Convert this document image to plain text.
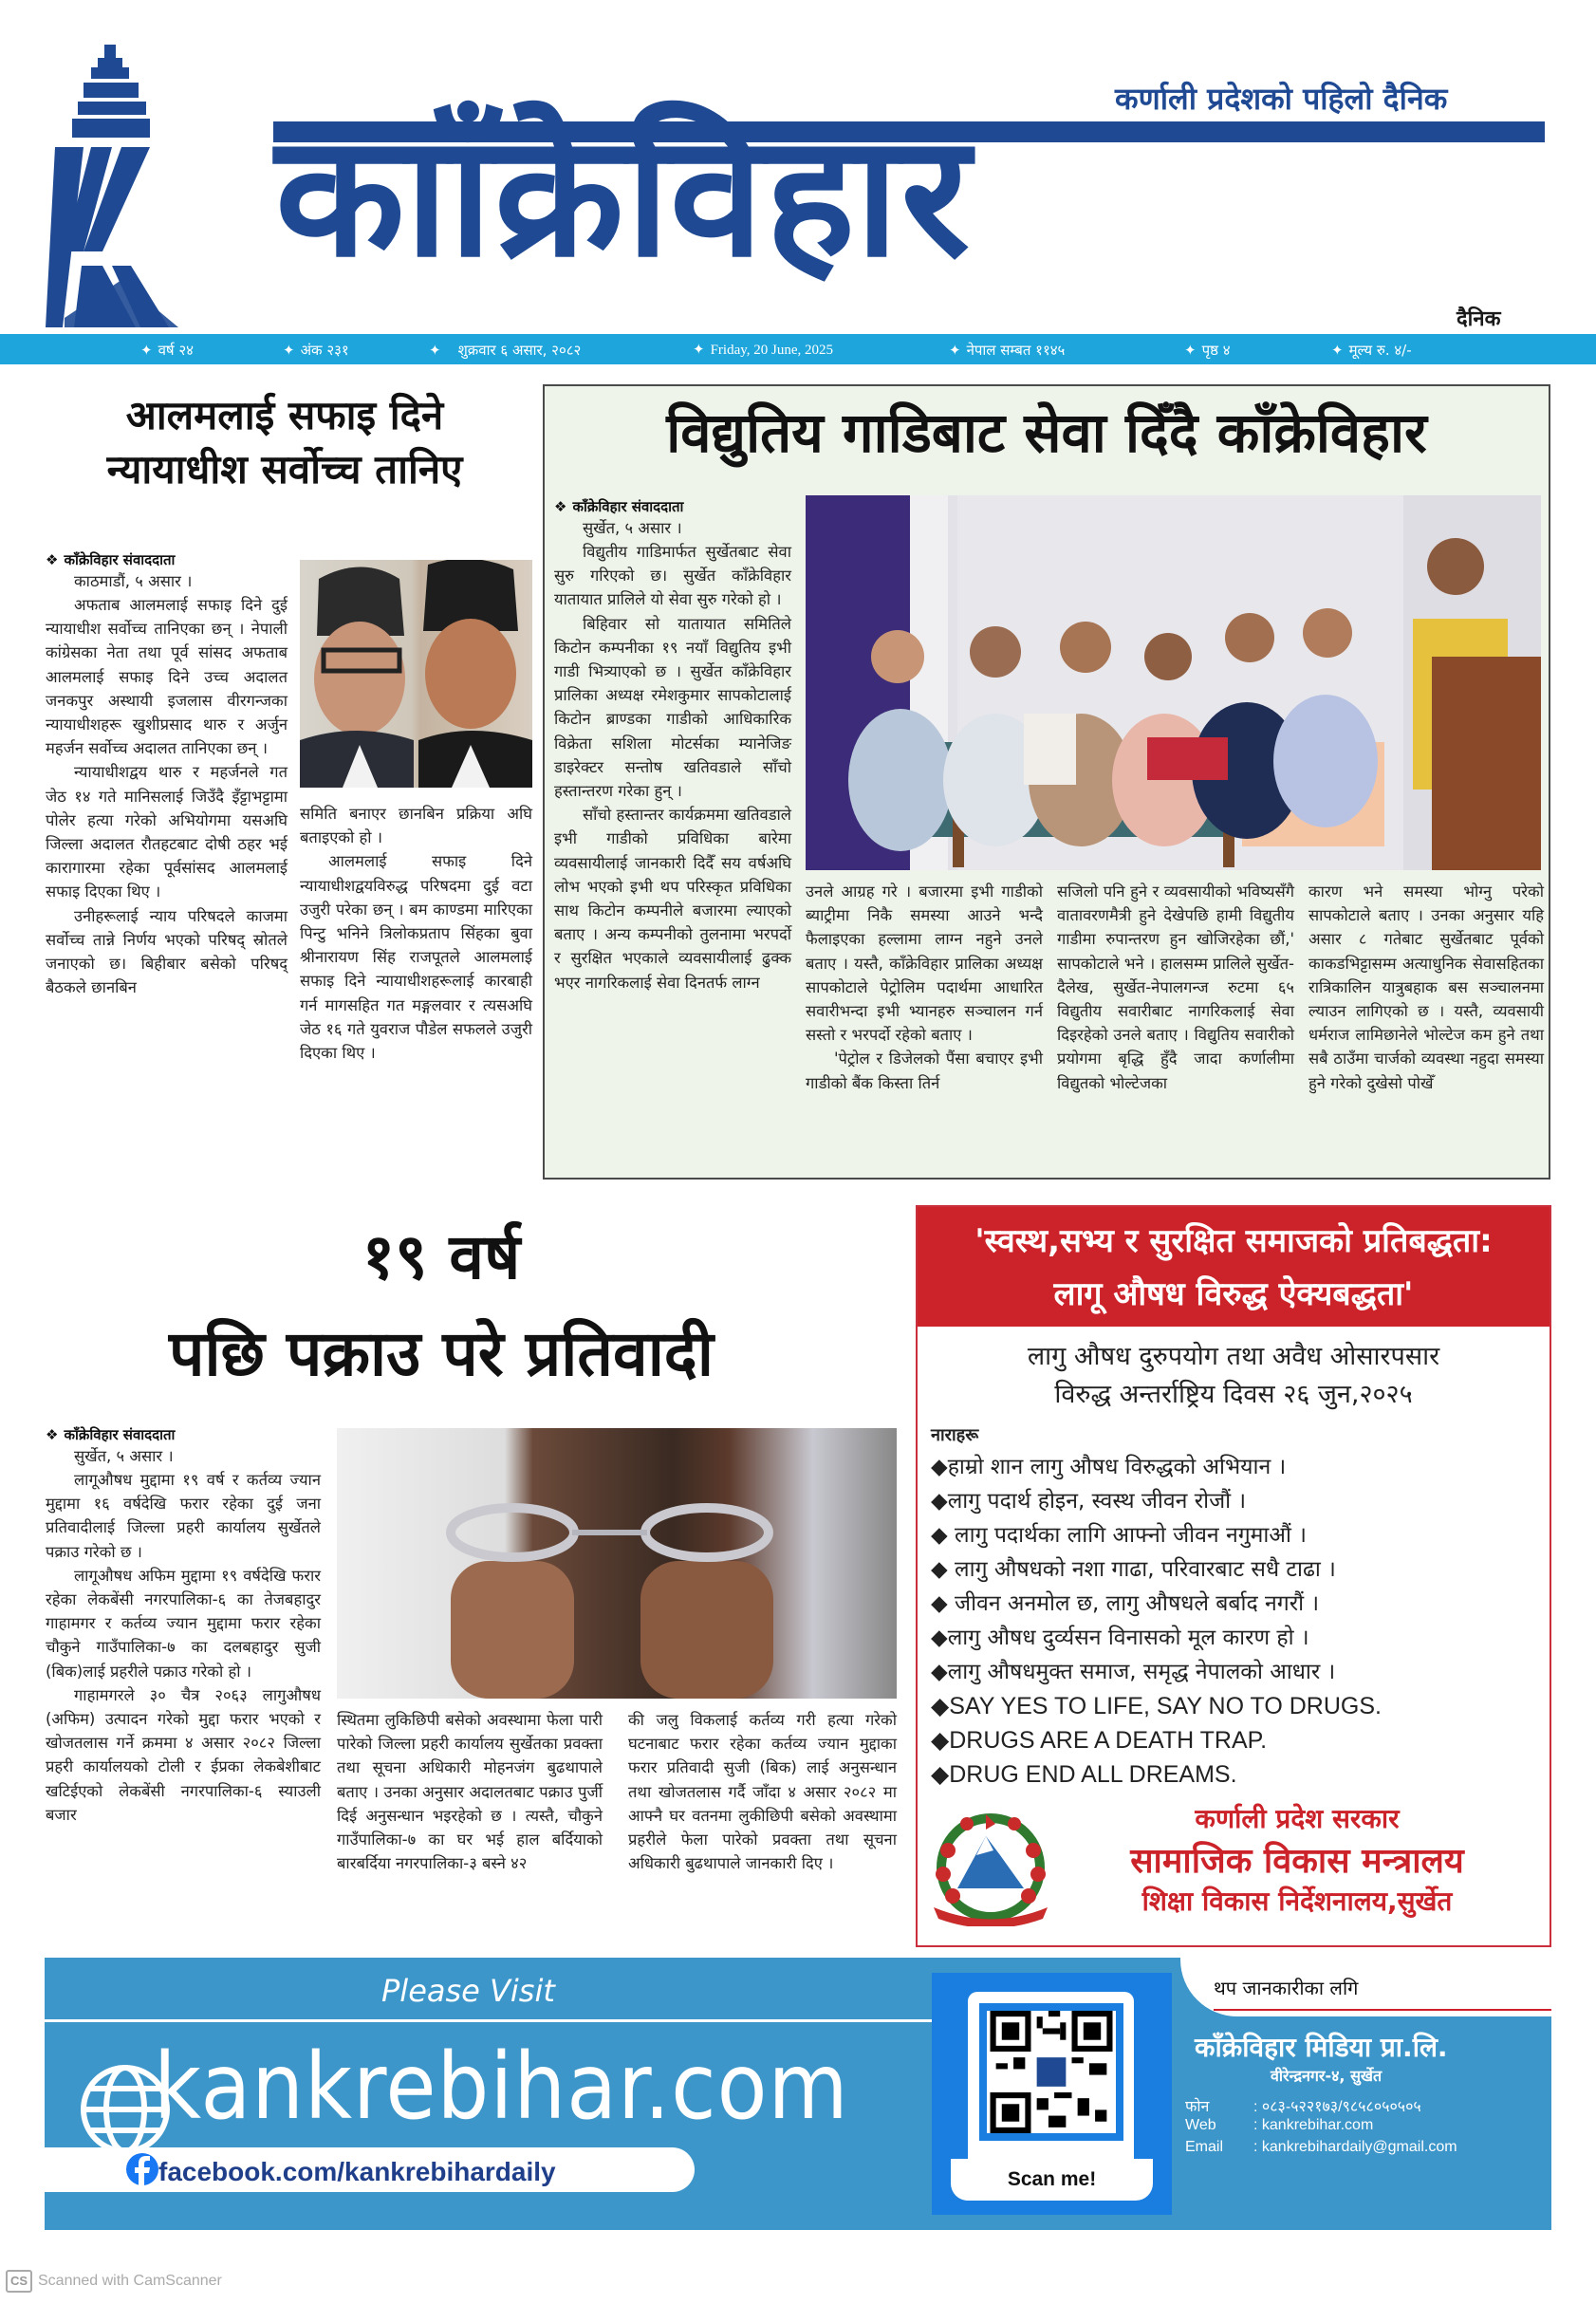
कााँक्रेविहार	कर्णाली प्रदेशको पहिलो दैनिक
दैनिक
✦ वर्ष २४	✦ अंक २३१	✦ शुक्रवार ६ असार, २०८२	✦ Friday, 20 June, 2025	✦ नेपाल सम्बत ११४५	✦ पृष्ठ ४	✦ मूल्य रु. ४/-
आलमलाई सफाइ दिने
न्यायाधीश सर्वोच्च तानिए
❖ काँक्रेविहार संवाददाता
काठमाडौं, ५ असार ।

अफताब आलमलाई सफाइ दिने दुई न्यायाधीश सर्वोच्च तानिएका छन् । नेपाली कांग्रेसका नेता तथा पूर्व सांसद अफताब आलमलाई सफाइ दिने उच्च अदालत जनकपुर अस्थायी इजलास वीरगन्जका न्यायाधीशहरू खुशीप्रसाद थारु र अर्जुन महर्जन सर्वोच्च अदालत तानिएका छन् ।

न्यायाधीशद्वय थारु र महर्जनले गत जेठ १४ गते मानिसलाई जिउँदै इँट्टाभट्टामा पोलेर हत्या गरेको अभियोगमा यसअघि जिल्ला अदालत रौतहटबाट दोषी ठहर भई कारागारमा रहेका पूर्वसांसद आलमलाई सफाइ दिएका थिए ।

उनीहरूलाई न्याय परिषदले काजमा सर्वोच्च तान्ने निर्णय भएको परिषद् स्रोतले जनाएको छ। बिहीबार बसेको परिषद् बैठकले छानबिन

समिति बनाएर छानबिन प्रक्रिया अघि बताइएको हो ।

आलमलाई सफाइ दिने न्यायाधीशद्वयविरुद्ध परिषदमा दुई वटा उजुरी परेका छन् । बम काण्डमा मारिएका पिन्टु भनिने त्रिलोकप्रताप सिंहका बुवा श्रीनारायण सिंह राजपूतले आलमलाई सफाइ दिने न्यायाधीशहरूलाई कारबाही गर्न मागसहित गत मङ्गलवार र त्यसअघि जेठ १६ गते युवराज पौडेल सफलले उजुरी दिएका थिए ।

विद्युतिय गाडिबाट सेवा दिँदै काँक्रेविहार
❖ काँक्रेविहार संवाददाता
सुर्खेत, ५ असार ।

विद्युतीय गाडिमार्फत सुर्खेतबाट सेवा सुरु गरिएको छ। सुर्खेत काँक्रेविहार यातायात प्रालिले यो सेवा सुरु गरेको हो ।

बिहिवार सो यातायात समितिले किटोन कम्पनीका १९ नयाँ विद्युतिय इभी गाडी भित्र्याएको छ । सुर्खेत काँक्रेविहार प्रालिका अध्यक्ष रमेशकुमार सापकोटालाई किटोन ब्राण्डका गाडीको आधिकारिक विक्रेता सशिला मोटर्सका म्यानेजिङ डाइरेक्टर सन्तोष खतिवडाले साँचो हस्तान्तरण गरेका हुन् ।

साँचो हस्तान्तर कार्यक्रममा खतिवडाले इभी गाडीको प्रविधिका बारेमा व्यवसायीलाई जानकारी दिदैँ सय वर्षअघि लोभ भएको इभी थप परिस्कृत प्रविधिका साथ किटोन कम्पनीले बजारमा ल्याएको बताए । अन्य कम्पनीको तुलनामा भरपर्दो र सुरक्षित भएकाले व्यवसायीलाई ढुक्क भएर नागरिकलाई सेवा दिनतर्फ लाग्न

उनले आग्रह गरे । बजारमा इभी गाडीको ब्याट्रीमा निकै समस्या आउने भन्दै फैलाइएका हल्लामा लाग्न नहुने उनले बताए । यस्तै, काँक्रेविहार प्रालिका अध्यक्ष सापकोटाले पेट्रोलिम पदार्थमा आधारित सवारीभन्दा इभी भ्यानहरु सञ्चालन गर्न सस्तो र भरपर्दो रहेको बताए ।

'पेट्रोल र डिजेलको पैंसा बचाएर इभी गाडीको बैंक किस्ता तिर्न

सजिलो पनि हुने र व्यवसायीको भविष्यसँगै वातावरणमैत्री हुने देखेपछि हामी विद्युतीय गाडीमा रुपान्तरण हुन खोजिरहेका छौं,' सापकोटाले भने । हालसम्म प्रालिले सुर्खेत-दैलेख, सुर्खेत-नेपालगन्ज रुटमा ६५ विद्युतीय सवारीबाट नागरिकलाई सेवा दिइरहेको उनले बताए । विद्युतिय सवारीको प्रयोगमा बृद्धि हुँदै जादा कर्णालीमा विद्युतको भोल्टेजका
कारण भने समस्या भोग्नु परेको सापकोटाले बताए । उनका अनुसार यहि असार ८ गतेबाट सुर्खेतबाट पूर्वको काकडभिट्टासम्म अत्याधुनिक सेवासहितका रात्रिकालिन यात्रुबहाक बस सञ्चालनमा ल्याउन लागिएको छ । यस्तै, व्यवसायी धर्मराज लामिछानेले भोल्टेज कम हुने तथा सबै ठाउँमा चार्जको व्यवस्था नहुदा समस्या हुने गरेको दुखेसो पोखेँ
१९ वर्ष
पछि पक्राउ परे प्रतिवादी
❖ काँक्रेविहार संवाददाता
सुर्खेत, ५ असार ।

लागूऔषध मुद्दामा १९ वर्ष र कर्तव्य ज्यान मुद्दामा १६ वर्षदेखि फरार रहेका दुई जना प्रतिवादीलाई जिल्ला प्रहरी कार्यालय सुर्खेतले पक्राउ गरेको छ ।

लागूऔषध अफिम मुद्दामा १९ वर्षदेखि फरार रहेका लेकबेंसी नगरपालिका-६ का तेजबहादुर गाहामगर र कर्तव्य ज्यान मुद्दामा फरार रहेका चौकुने गाउँपालिका-७ का दलबहादुर सुजी (बिक)लाई प्रहरीले पक्राउ गरेको हो ।

गाहामगरले ३० चैत्र २०६३ लागुऔषध (अफिम) उत्पादन गरेको मुद्दा फरार भएको र खोजतलास गर्ने क्रममा ४ असार २०८२ जिल्ला प्रहरी कार्यालयको टोली र ईप्रका लेकबेशीबाट खटिईएको लेकबेंसी नगरपालिका-६ स्याउली बजार

स्थितमा लुकिछिपी बसेको अवस्थामा फेला पारी पारेको जिल्ला प्रहरी कार्यालय सुर्खेतका प्रवक्ता तथा सूचना अधिकारी मोहनजंग बुढथापाले बताए । उनका अनुसार अदालतबाट पक्राउ पुर्जी दिई अनुसन्धान भइरहेको छ । त्यस्तै, चौकुने गाउँपालिका-७ का घर भई हाल बर्दियाको बारबर्दिया नगरपालिका-३ बस्ने ४२
की जलु विकलाई कर्तव्य गरी हत्या गरेको घटनाबाट फरार रहेका कर्तव्य ज्यान मुद्दाका फरार प्रतिवादी सुजी (बिक) लाई अनुसन्धान तथा खोजतलास गर्दै जाँदा ४ असार २०८२ मा आफ्नै घर वतनमा लुकीछिपी बसेको अवस्थामा प्रहरीले फेला पारेको प्रवक्ता तथा सूचना अधिकारी बुढथापाले जानकारी दिए ।
'स्वस्थ,सभ्य र सुरक्षित समाजको प्रतिबद्धता:
लागू औषध विरुद्ध ऐक्यबद्धता'
लागु औषध दुरुपयोग तथा अवैध ओसारपसार
विरुद्ध अन्तर्राष्ट्रिय दिवस २६ जुन,२०२५
नाराहरू
◆हाम्रो शान लागु औषध विरुद्धको अभियान ।
◆लागु पदार्थ होइन, स्वस्थ जीवन रोजौं ।
◆ लागु पदार्थका लागि आफ्नो जीवन नगुमाऔं ।
◆ लागु औषधको नशा गाढा, परिवारबाट सधै टाढा ।
◆ जीवन अनमोल छ, लागु औषधले बर्बाद नगरौं ।
◆लागु औषध दुर्व्यसन विनासको मूल कारण हो ।
◆लागु औषधमुक्त समाज, समृद्ध नेपालको आधार ।
◆SAY YES TO LIFE, SAY NO TO DRUGS.
◆DRUGS ARE A DEATH TRAP.
◆DRUG END ALL DREAMS.
कर्णाली प्रदेश सरकार
सामाजिक विकास मन्त्रालय
शिक्षा विकास निर्देशनालय,सुर्खेत
Please Visit
kankrebihar.com
facebook.com/kankrebihardaily	Scan me!
थप जानकारीका लगि
काँक्रेविहार मिडिया प्रा.लि.
वीरेन्द्रनगर-४, सुर्खेत
फोन	: ०८३-५२२१७३/९८५८०५०५०५
Web : kankrebihar.com
Email : kankrebihardaily@gmail.com
CS Scanned with CamScanner
